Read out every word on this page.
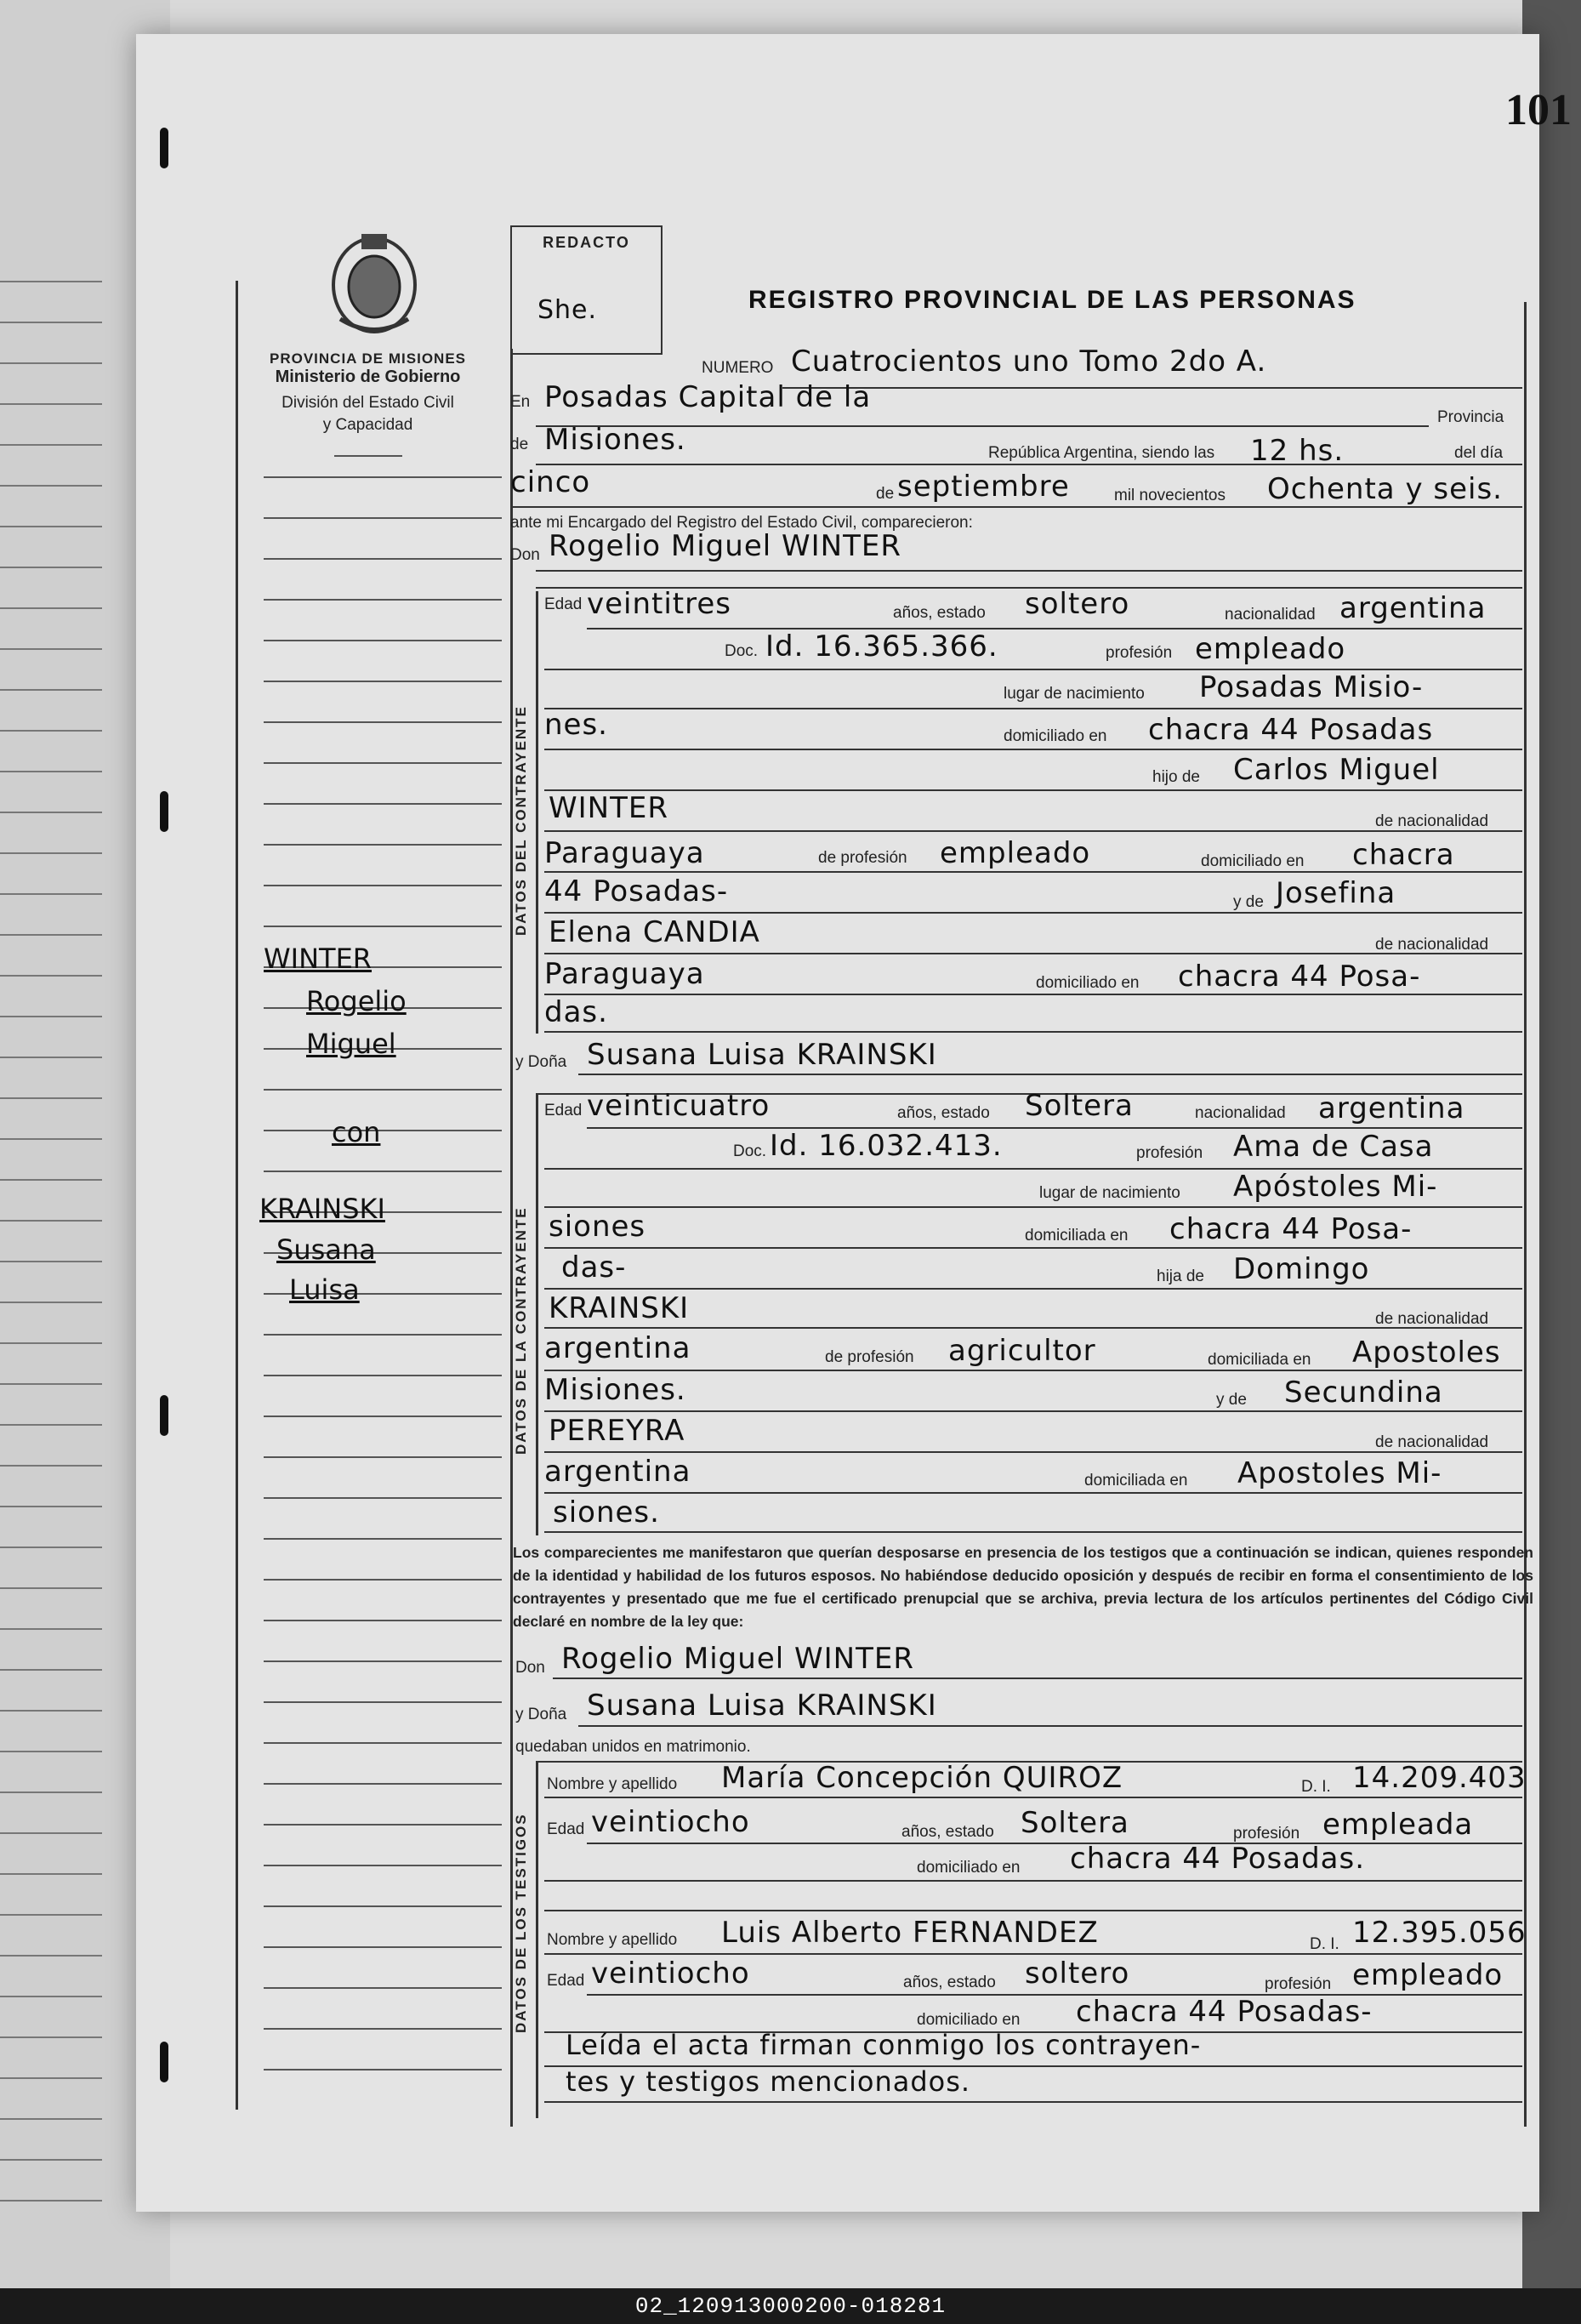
101
PROVINCIA DE MISIONES
Ministerio de Gobierno
División del Estado Civil
y Capacidad
REDACTO
She.	REGISTRO PROVINCIAL DE LAS PERSONAS
DATOS DEL CONTRAYENTE
DATOS DE LA CONTRAYENTE
DATOS DE LOS TESTIGOS
NUMERO Cuatrocientos uno Tomo 2do A.
En Posadas Capital de la
Provincia
de Misiones.	República Argentina, siendo las 12 hs.	del día
cinco	de septiembre	mil novecientos Ochenta y seis.
ante mi Encargado del Registro del Estado Civil, comparecieron:
Don Rogelio Miguel WINTER
Edad veintitres	años, estado soltero	nacionalidad argentina
Doc. Id. 16.365.366.	profesión empleado
lugar de nacimiento Posadas Misio-
nes.	domiciliado en chacra 44 Posadas
hijo de Carlos Miguel
WINTER	de nacionalidad
Paraguaya	de profesión empleado	domiciliado en chacra
44 Posadas-	y de Josefina
Elena CANDIA	de nacionalidad
Paraguaya	domiciliado en chacra 44 Posa-
das.
y Doña Susana Luisa KRAINSKI
Edad veinticuatro	años, estado Soltera	nacionalidad argentina
Doc. Id. 16.032.413.	profesión Ama de Casa
lugar de nacimiento Apóstoles Mi-
siones	domiciliada en chacra 44 Posa-
das-	hija de Domingo
KRAINSKI	de nacionalidad
argentina	de profesión agricultor	domiciliada en Apostoles
Misiones.	y de Secundina
PEREYRA	de nacionalidad
argentina	domiciliada en Apostoles Mi-
siones.
Los comparecientes me manifestaron que querían desposarse en presencia de los testigos que a continuación se indican, quienes responden de la identidad y habilidad de los futuros esposos. No habiéndose deducido oposición y después de recibir en forma el consentimiento de los contrayentes y presentado que me fue el certificado prenupcial que se archiva, previa lectura de los artículos pertinentes del Código Civil declaré en nombre de la ley que:
Don Rogelio Miguel WINTER
y Doña Susana Luisa KRAINSKI
quedaban unidos en matrimonio.
Nombre y apellido María Concepción QUIROZ	D. I. 14.209.403
Edad veintiocho	años, estado Soltera	profesión empleada
domiciliado en chacra 44 Posadas.
Nombre y apellido Luis Alberto FERNANDEZ	D. I. 12.395.056
Edad veintiocho	años, estado soltero	profesión empleado
domiciliado en chacra 44 Posadas-
Leída el acta firman conmigo los contrayen-
tes y testigos mencionados.
WINTER
Rogelio
Miguel
con
KRAINSKI
Susana
Luisa
02_120913000200-018281
